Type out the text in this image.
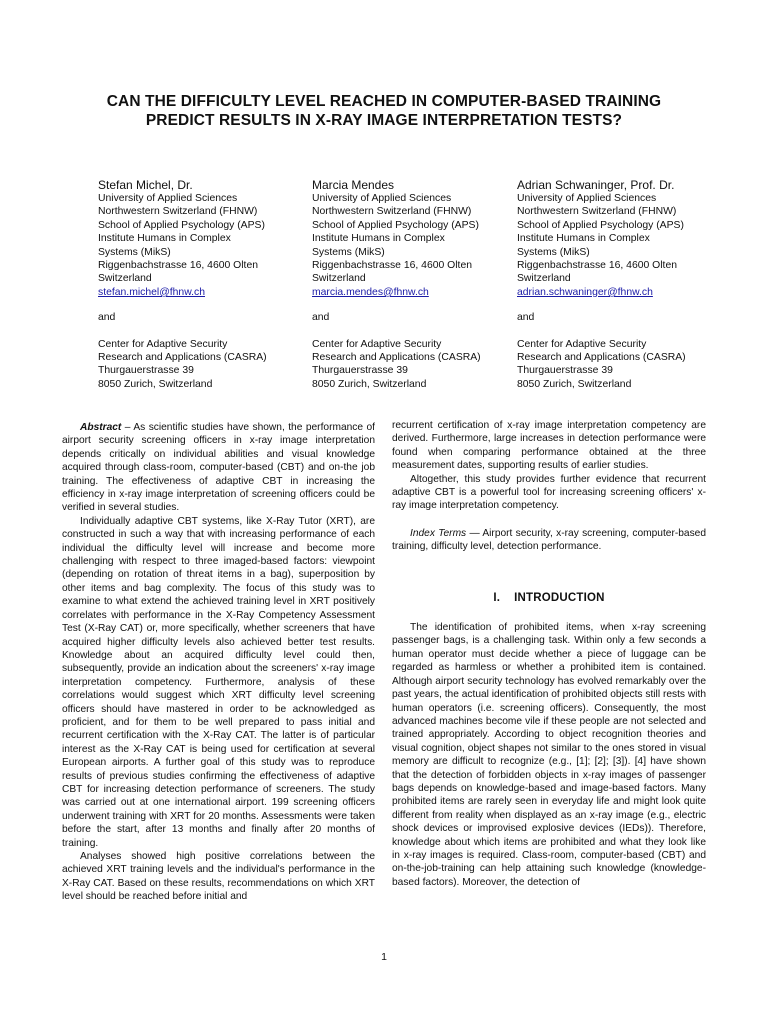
CAN THE DIFFICULTY LEVEL REACHED IN COMPUTER-BASED TRAINING
PREDICT RESULTS IN X-RAY IMAGE INTERPRETATION TESTS?
Stefan Michel, Dr.
University of Applied Sciences
Northwestern Switzerland (FHNW)
School of Applied Psychology (APS)
Institute Humans in Complex
Systems (MikS)
Riggenbachstrasse 16, 4600 Olten
Switzerland
stefan.michel@fhnw.ch
and
Center for Adaptive Security
Research and Applications (CASRA)
Thurgauerstrasse 39
8050 Zurich, Switzerland
Marcia Mendes
University of Applied Sciences
Northwestern Switzerland (FHNW)
School of Applied Psychology (APS)
Institute Humans in Complex
Systems (MikS)
Riggenbachstrasse 16, 4600 Olten
Switzerland
marcia.mendes@fhnw.ch
and
Center for Adaptive Security
Research and Applications (CASRA)
Thurgauerstrasse 39
8050 Zurich, Switzerland
Adrian Schwaninger, Prof. Dr.
University of Applied Sciences
Northwestern Switzerland (FHNW)
School of Applied Psychology (APS)
Institute Humans in Complex
Systems (MikS)
Riggenbachstrasse 16, 4600 Olten
Switzerland
adrian.schwaninger@fhnw.ch
and
Center for Adaptive Security
Research and Applications (CASRA)
Thurgauerstrasse 39
8050 Zurich, Switzerland

Abstract – As scientific studies have shown, the performance of airport security screening officers in x-ray image interpretation depends critically on individual abilities and visual knowledge acquired through class-room, computer-based (CBT) and on-the job training. The effectiveness of adaptive CBT in increasing the efficiency in x-ray image interpretation of screening officers could be verified in several studies.

Individually adaptive CBT systems, like X-Ray Tutor (XRT), are constructed in such a way that with increasing performance of each individual the difficulty level will increase and become more challenging with respect to three imaged-based factors: viewpoint (depending on rotation of threat items in a bag), superposition by other items and bag complexity. The focus of this study was to examine to what extend the achieved training level in XRT positively correlates with performance in the X-Ray Competency Assessment Test (X-Ray CAT) or, more specifically, whether screeners that have acquired higher difficulty levels also achieved better test results. Knowledge about an acquired difficulty level could then, subsequently, provide an indication about the screeners' x-ray image interpretation competency. Furthermore, analysis of these correlations would suggest which XRT difficulty level screening officers should have mastered in order to be acknowledged as proficient, and for them to be well prepared to pass initial and recurrent certification with the X-Ray CAT. The latter is of particular interest as the X-Ray CAT is being used for certification at several European airports. A further goal of this study was to reproduce results of previous studies confirming the effectiveness of adaptive CBT for increasing detection performance of screeners. The study was carried out at one international airport. 199 screening officers underwent training with XRT for 20 months. Assessments were taken before the start, after 13 months and finally after 20 months of training.

Analyses showed high positive correlations between the achieved XRT training levels and the individual's performance in the X-Ray CAT. Based on these results, recommendations on which XRT level should be reached before initial and

recurrent certification of x-ray image interpretation competency are derived. Furthermore, large increases in detection performance were found when comparing performance obtained at the three measurement dates, supporting results of earlier studies.

Altogether, this study provides further evidence that recurrent adaptive CBT is a powerful tool for increasing screening officers' x-ray image interpretation competency.

Index Terms — Airport security, x-ray screening, computer-based training, difficulty level, detection performance.

I. INTRODUCTION

The identification of prohibited items, when x-ray screening passenger bags, is a challenging task. Within only a few seconds a human operator must decide whether a piece of luggage can be regarded as harmless or whether a prohibited item is contained. Although airport security technology has evolved remarkably over the past years, the actual identification of prohibited objects still rests with human operators (i.e. screening officers). Consequently, the most advanced machines become vile if these people are not selected and trained appropriately. According to object recognition theories and visual cognition, object shapes not similar to the ones stored in visual memory are difficult to recognize (e.g., [1]; [2]; [3]). [4] have shown that the detection of forbidden objects in x-ray images of passenger bags depends on knowledge-based and image-based factors. Many prohibited items are rarely seen in everyday life and might look quite different from reality when displayed as an x-ray image (e.g., electric shock devices or improvised explosive devices (IEDs)). Therefore, knowledge about which items are prohibited and what they look like in x-ray images is required. Class-room, computer-based (CBT) and on-the-job-training can help attaining such knowledge (knowledge-based factors). Moreover, the detection of

1
